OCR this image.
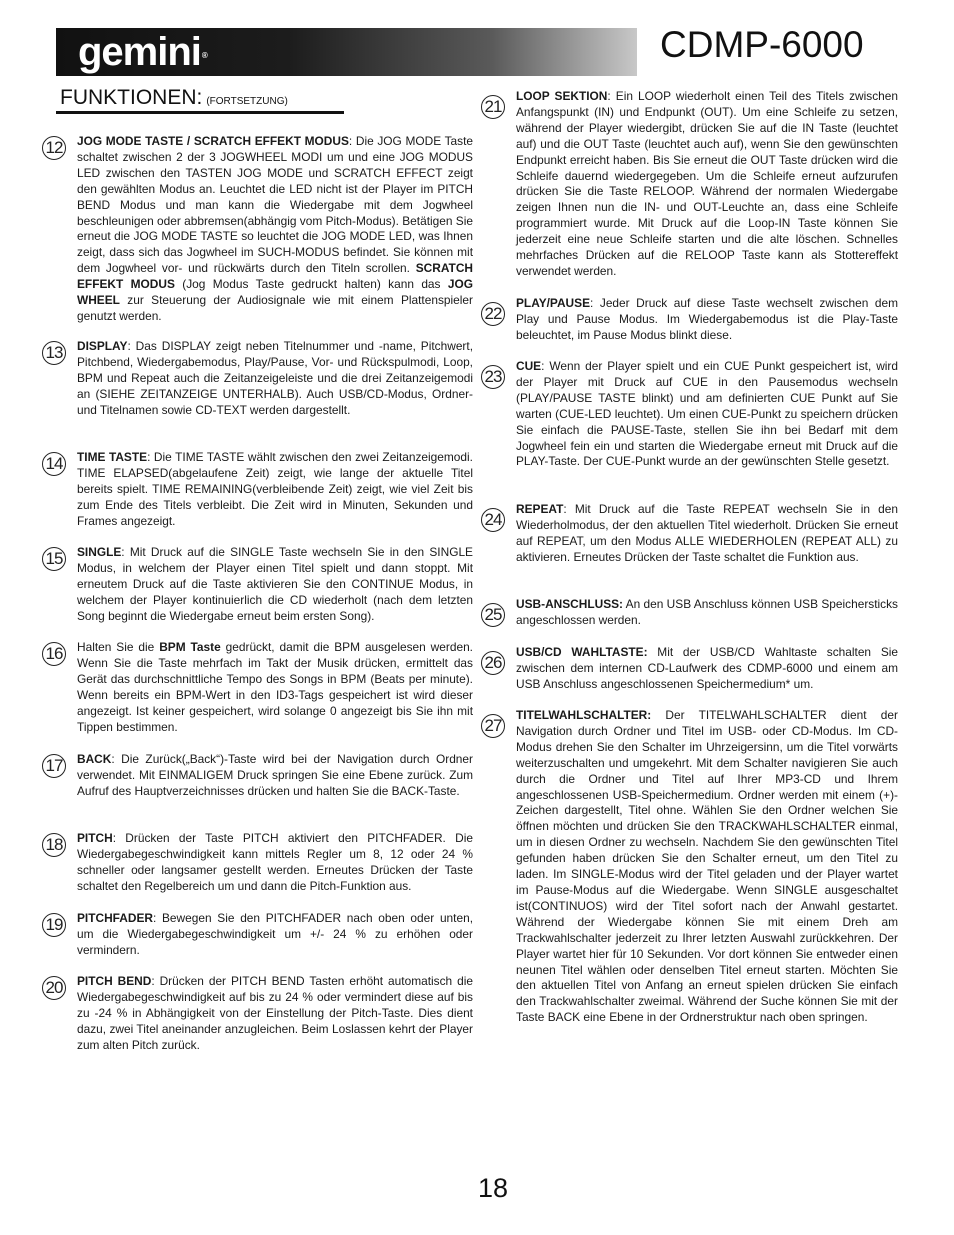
gemini®	CDMP-6000
FUNKTIONEN: (FORTSETZUNG)
12 JOG MODE TASTE / SCRATCH EFFEKT MODUS: Die JOG MODE Taste schaltet zwischen 2 der 3 JOGWHEEL MODI um und eine JOG MODUS LED zwischen den TASTEN JOG MODE und SCRATCH EFFECT zeigt den gewählten Modus an. Leuchtet die LED nicht ist der Player im PITCH BEND Modus und man kann die Wiedergabe mit dem Jogwheel beschleunigen oder abbremsen(abhängig vom Pitch-Modus). Betätigen Sie erneut die JOG MODE TASTE so leuchtet die JOG MODE LED, was Ihnen zeigt, dass sich das Jogwheel im SUCH-MODUS befindet. Sie können mit dem Jogwheel vor- und rückwärts durch den Titeln scrollen. SCRATCH EFFEKT MODUS (Jog Modus Taste gedruckt halten) kann das JOG WHEEL zur Steuerung der Audiosignale wie mit einem Plattenspieler genutzt werden.
13 DISPLAY: Das DISPLAY zeigt neben Titelnummer und -name, Pitchwert, Pitchbend, Wiedergabemodus, Play/Pause, Vor- und Rückspulmodi, Loop, BPM und Repeat auch die Zeitanzeigeleiste und die drei Zeitanzeigemodi an (SIEHE ZEITANZEIGE UNTERHALB). Auch USB/CD-Modus, Ordner- und Titelnamen sowie CD-TEXT werden dargestellt.
14 TIME TASTE: Die TIME TASTE wählt zwischen den zwei Zeitanzeigemodi. TIME ELAPSED(abgelaufene Zeit) zeigt, wie lange der aktuelle Titel bereits spielt. TIME REMAINING(verbleibende Zeit) zeigt, wie viel Zeit bis zum Ende des Titels verbleibt. Die Zeit wird in Minuten, Sekunden und Frames angezeigt.
15 SINGLE: Mit Druck auf die SINGLE Taste wechseln Sie in den SINGLE Modus, in welchem der Player einen Titel spielt und dann stoppt. Mit erneutem Druck auf die Taste aktivieren Sie den CONTINUE Modus, in welchem der Player kontinuierlich die CD wiederholt (nach dem letzten Song beginnt die Wiedergabe erneut beim ersten Song).
16 Halten Sie die BPM Taste gedrückt, damit die BPM ausgelesen werden. Wenn Sie die Taste mehrfach im Takt der Musik drücken, ermittelt das Gerät das durchschnittliche Tempo des Songs in BPM (Beats per minute). Wenn bereits ein BPM-Wert in den ID3-Tags gespeichert ist wird dieser angezeigt. Ist keiner gespeichert, wird solange 0 angezeigt bis Sie ihn mit Tippen bestimmen.
17 BACK: Die Zurück(„Back“)-Taste wird bei der Navigation durch Ordner verwendet. Mit EINMALIGEM Druck springen Sie eine Ebene zurück. Zum Aufruf des Hauptverzeichnisses drücken und halten Sie die BACK-Taste.
18 PITCH: Drücken der Taste PITCH aktiviert den PITCHFADER. Die Wiedergabegeschwindigkeit kann mittels Regler um 8, 12 oder 24 % schneller oder langsamer gestellt werden. Erneutes Drücken der Taste schaltet den Regelbereich um und dann die Pitch-Funktion aus.
19 PITCHFADER: Bewegen Sie den PITCHFADER nach oben oder unten, um die Wiedergabegeschwindigkeit um +/- 24 % zu erhöhen oder vermindern.
20 PITCH BEND: Drücken der PITCH BEND Tasten erhöht automatisch die Wiedergabegeschwindigkeit auf bis zu 24 % oder vermindert diese auf bis zu -24 % in Abhängigkeit von der Einstellung der Pitch-Taste. Dies dient dazu, zwei Titel aneinander anzugleichen. Beim Loslassen kehrt der Player zum alten Pitch zurück.
21
LOOP SEKTION: Ein LOOP wiederholt einen Teil des Titels zwischen Anfangspunkt (IN) und Endpunkt (OUT). Um eine Schleife zu setzen, während der Player wiedergibt, drücken Sie auf die IN Taste (leuchtet auf) und die OUT Taste (leuchtet auch auf), wenn Sie den gewünschten Endpunkt erreicht haben. Bis Sie erneut die OUT Taste drücken wird die Schleife dauernd wiedergegeben. Um die Schleife erneut aufzurufen drücken Sie die Taste RELOOP. Während der normalen Wiedergabe zeigen Ihnen nun die IN- und OUT-Leuchte an, dass eine Schleife programmiert wurde. Mit Druck auf die Loop-IN Taste können Sie jederzeit eine neue Schleife starten und die alte löschen. Schnelles mehrfaches Drücken auf die RELOOP Taste kann als Stottereffekt verwendet werden.
22
PLAY/PAUSE: Jeder Druck auf diese Taste wechselt zwischen dem Play und Pause Modus. Im Wiedergabemodus ist die Play-Taste beleuchtet, im Pause Modus blinkt diese.
23
CUE: Wenn der Player spielt und ein CUE Punkt gespeichert ist, wird der Player mit Druck auf CUE in den Pausemodus wechseln (PLAY/PAUSE TASTE blinkt) und am definierten CUE Punkt auf Sie warten (CUE-LED leuchtet). Um einen CUE-Punkt zu speichern drücken Sie einfach die PAUSE-Taste, stellen Sie ihn bei Bedarf mit dem Jogwheel fein ein und starten die Wiedergabe erneut mit Druck auf die PLAY-Taste. Der CUE-Punkt wurde an der gewünschten Stelle gesetzt.
24
REPEAT: Mit Druck auf die Taste REPEAT wechseln Sie in den Wiederholmodus, der den aktuellen Titel wiederholt. Drücken Sie erneut auf REPEAT, um den Modus ALLE WIEDERHOLEN (REPEAT ALL) zu aktivieren. Erneutes Drücken der Taste schaltet die Funktion aus.
25
USB-ANSCHLUSS: An den USB Anschluss können USB Speichersticks angeschlossen werden.
26
USB/CD WAHLTASTE: Mit der USB/CD Wahltaste schalten Sie zwischen dem internen CD-Laufwerk des CDMP-6000 und einem am USB Anschluss angeschlossenen Speichermedium* um.
27
TITELWAHLSCHALTER: Der TITELWAHLSCHALTER dient der Navigation durch Ordner und Titel im USB- oder CD-Modus. Im CD-Modus drehen Sie den Schalter im Uhrzeigersinn, um die Titel vorwärts weiterzuschalten und umgekehrt. Mit dem Schalter navigieren Sie auch durch die Ordner und Titel auf Ihrer MP3-CD und Ihrem angeschlossenen USB-Speichermedium. Ordner werden mit einem (+)-Zeichen dargestellt, Titel ohne. Wählen Sie den Ordner welchen Sie öffnen möchten und drücken Sie den TRACKWAHLSCHALTER einmal, um in diesen Ordner zu wechseln. Nachdem Sie den gewünschten Titel gefunden haben drücken Sie den Schalter erneut, um den Titel zu laden. Im SINGLE-Modus wird der Titel geladen und der Player wartet im Pause-Modus auf die Wiedergabe. Wenn SINGLE ausgeschaltet ist(CONTINUOS) wird der Titel sofort nach der Anwahl gestartet. Während der Wiedergabe können Sie mit einem Dreh am Trackwahlschalter jederzeit zu Ihrer letzten Auswahl zurückkehren. Der Player wartet hier für 10 Sekunden. Vor dort können Sie entweder einen neunen Titel wählen oder denselben Titel erneut starten. Möchten Sie den aktuellen Titel von Anfang an erneut spielen drücken Sie einfach den Trackwahlschalter zweimal. Während der Suche können Sie mit der Taste BACK eine Ebene in der Ordnerstruktur nach oben springen.
18
